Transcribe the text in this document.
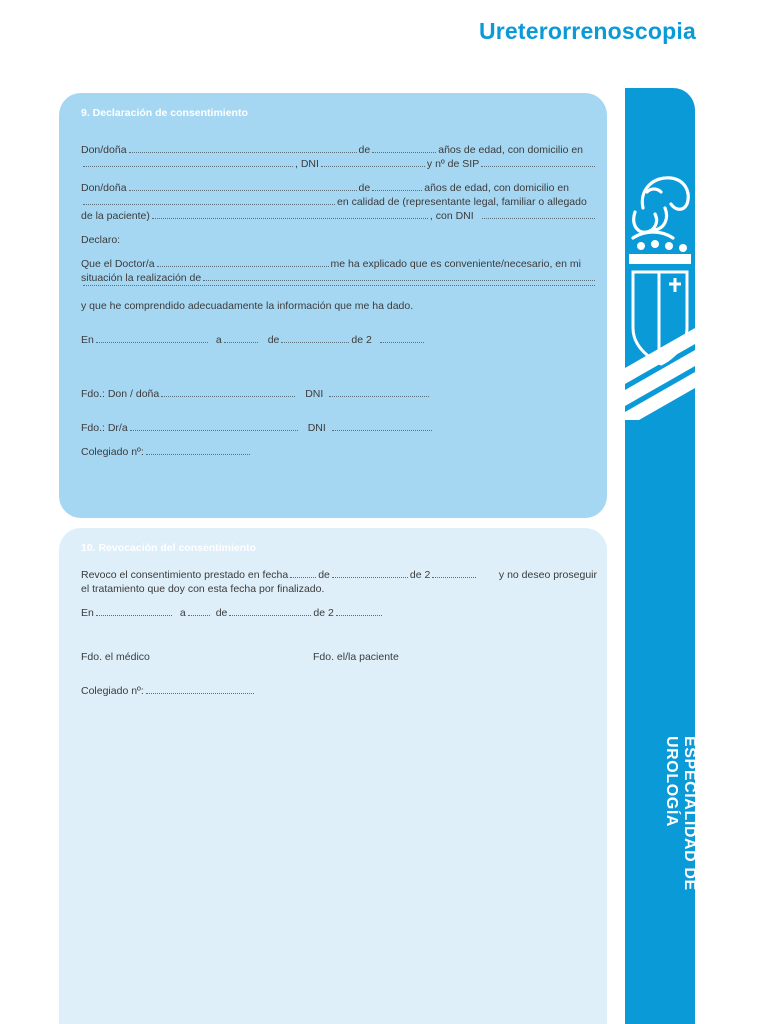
Ureterorrenoscopia
ESPECIALIDAD DE
UROLOGÍA
9. Declaración de consentimiento
Don/doña	de	años de edad, con domicilio en
, DNI	y nº de SIP
Don/doña	de	años de edad, con domicilio en
en calidad de (representante legal, familiar o allegado
de la paciente)	, con DNI
Declaro:
Que el Doctor/a	me ha explicado que es conveniente/necesario, en mi
situación la realización de
y que he comprendido adecuadamente la información que me ha dado.
En	a	de	de 2
Fdo.: Don / doña	DNI
Fdo.: Dr/a	DNI
Colegiado nº:
10. Revocación del consentimiento
Revoco el consentimiento prestado en fecha	de	de 2	y no deseo proseguir
el tratamiento que doy con esta fecha por finalizado.
En	a	de	de 2
Fdo. el médico	Fdo. el/la paciente
Colegiado nº:
